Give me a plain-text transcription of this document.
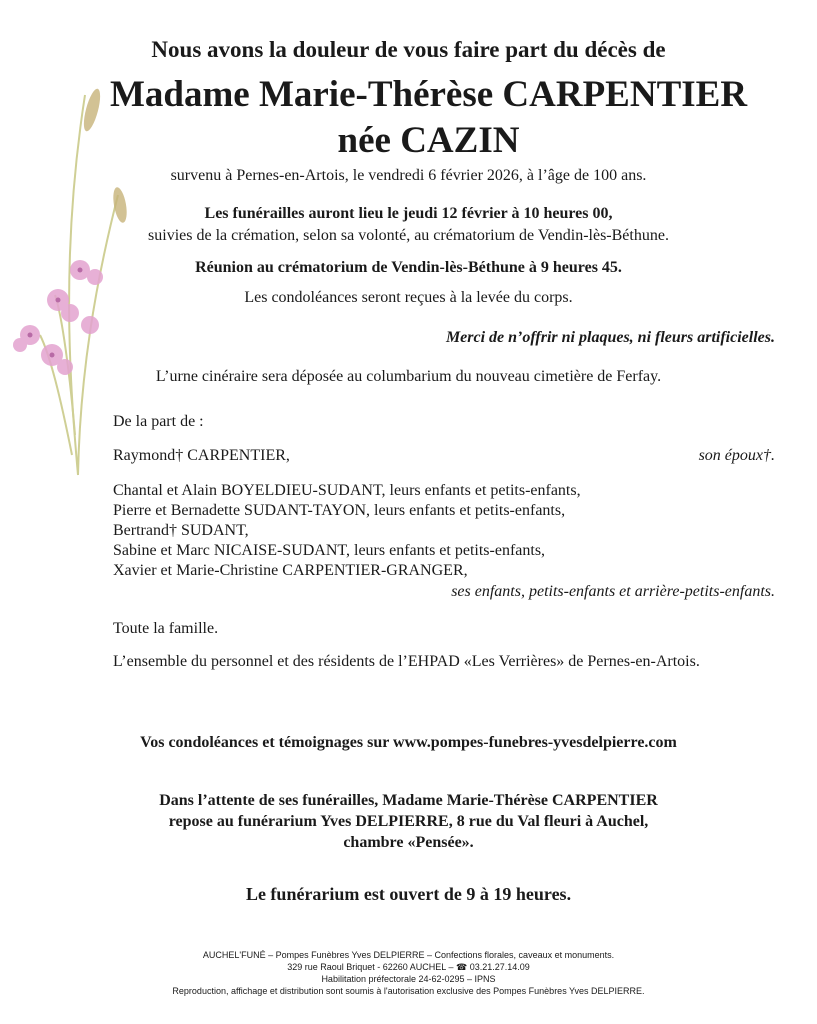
Nous avons la douleur de vous faire part du décès de
Madame Marie-Thérèse CARPENTIER
née CAZIN
survenu à Pernes-en-Artois, le vendredi 6 février 2026, à l’âge de 100 ans.
Les funérailles auront lieu le jeudi 12 février à 10 heures 00,
suivies de la crémation, selon sa volonté, au crématorium de Vendin-lès-Béthune.
Réunion au crématorium de Vendin-lès-Béthune à 9 heures 45.
Les condoléances seront reçues à la levée du corps.
Merci de n’offrir ni plaques, ni fleurs artificielles.
L’urne cinéraire sera déposée au columbarium du nouveau cimetière de Ferfay.
De la part de :
Raymond† CARPENTIER,	son époux†.
Chantal et Alain BOYELDIEU-SUDANT, leurs enfants et petits-enfants,
Pierre et Bernadette SUDANT-TAYON, leurs enfants et petits-enfants,
Bertrand† SUDANT,
Sabine et Marc NICAISE-SUDANT, leurs enfants et petits-enfants,
Xavier et Marie-Christine CARPENTIER-GRANGER,
ses enfants, petits-enfants et arrière-petits-enfants.
Toute la famille.
L’ensemble du personnel et des résidents de l’EHPAD «Les Verrières» de Pernes-en-Artois.
Vos condoléances et témoignages sur www.pompes-funebres-yvesdelpierre.com
Dans l’attente de ses funérailles, Madame Marie-Thérèse CARPENTIER
repose au funérarium Yves DELPIERRE, 8 rue du Val fleuri à Auchel,
chambre «Pensée».
Le funérarium est ouvert de 9 à 19 heures.
AUCHEL'FUNÉ – Pompes Funèbres Yves DELPIERRE – Confections florales, caveaux et monuments.
329 rue Raoul Briquet - 62260 AUCHEL – ☎ 03.21.27.14.09
Habilitation préfectorale 24-62-0295 – IPNS
Reproduction, affichage et distribution sont soumis à l'autorisation exclusive des Pompes Funèbres Yves DELPIERRE.
